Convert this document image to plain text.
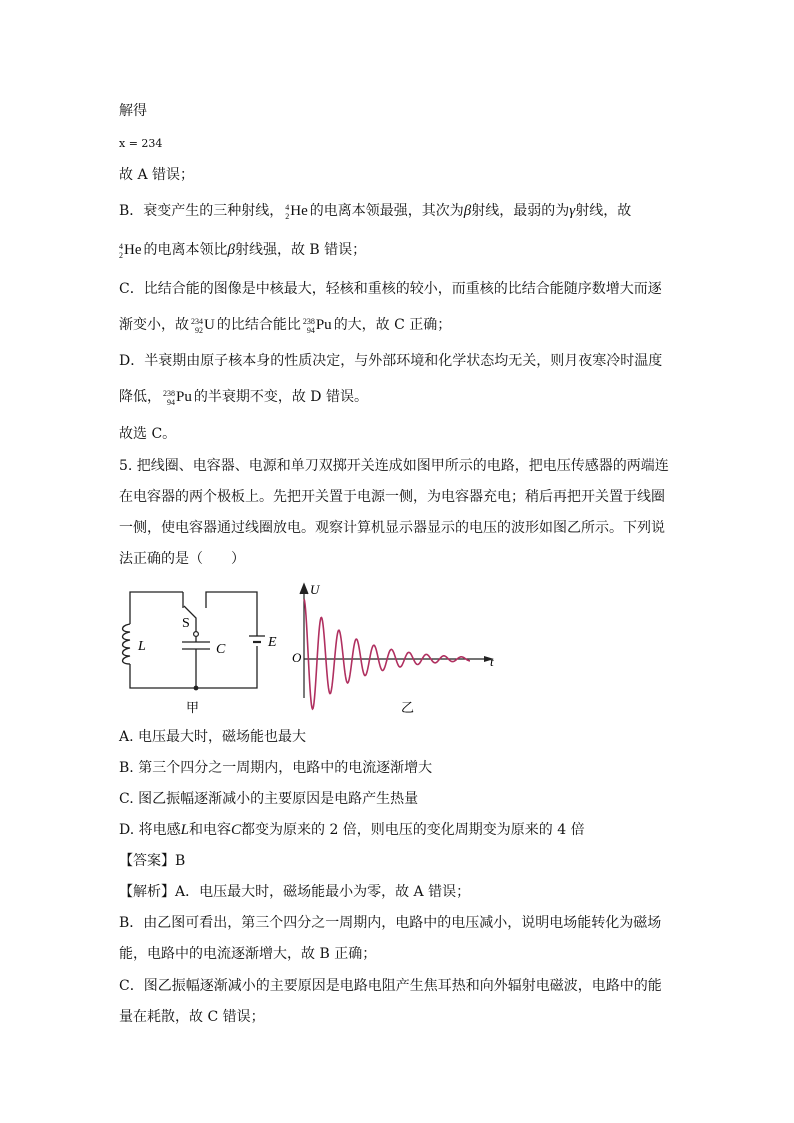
解得
x = 234
故 A 错误；
B．衰变产生的三种射线， 4
2 He 的电离本领最强，其次为β射线，最弱的为γ射线，故
4
2 He 的电离本领比β射线强，故 B 错误；
C．比结合能的图像是中核最大，轻核和重核的较小，而重核的比结合能随序数增大而逐
渐变小，故 234
92 U 的比结合能比 238
94 Pu 的大，故 C 正确；
D．半衰期由原子核本身的性质决定，与外部环境和化学状态均无关，则月夜寒冷时温度
降低， 238
94 Pu 的半衰期不变，故 D 错误。
故选 C。
5. 把线圈、电容器、电源和单刀双掷开关连成如图甲所示的电路，把电压传感器的两端连
在电容器的两个极板上。先把开关置于电源一侧，为电容器充电；稍后再把开关置于线圈
一侧，使电容器通过线圈放电。观察计算机显示器显示的电压的波形如图乙所示。下列说
法正确的是（　　）
S
L	C	E
甲
U
O	t
乙
A. 电压最大时，磁场能也最大
B. 第三个四分之一周期内，电路中的电流逐渐增大
C. 图乙振幅逐渐减小的主要原因是电路产生热量
D. 将电感L和电容C都变为原来的 2 倍，则电压的变化周期变为原来的 4 倍
【答案】B
【解析】A．电压最大时，磁场能最小为零，故 A 错误；
B．由乙图可看出，第三个四分之一周期内，电路中的电压减小，说明电场能转化为磁场
能，电路中的电流逐渐增大，故 B 正确；
C．图乙振幅逐渐减小的主要原因是电路电阻产生焦耳热和向外辐射电磁波，电路中的能
量在耗散，故 C 错误；
